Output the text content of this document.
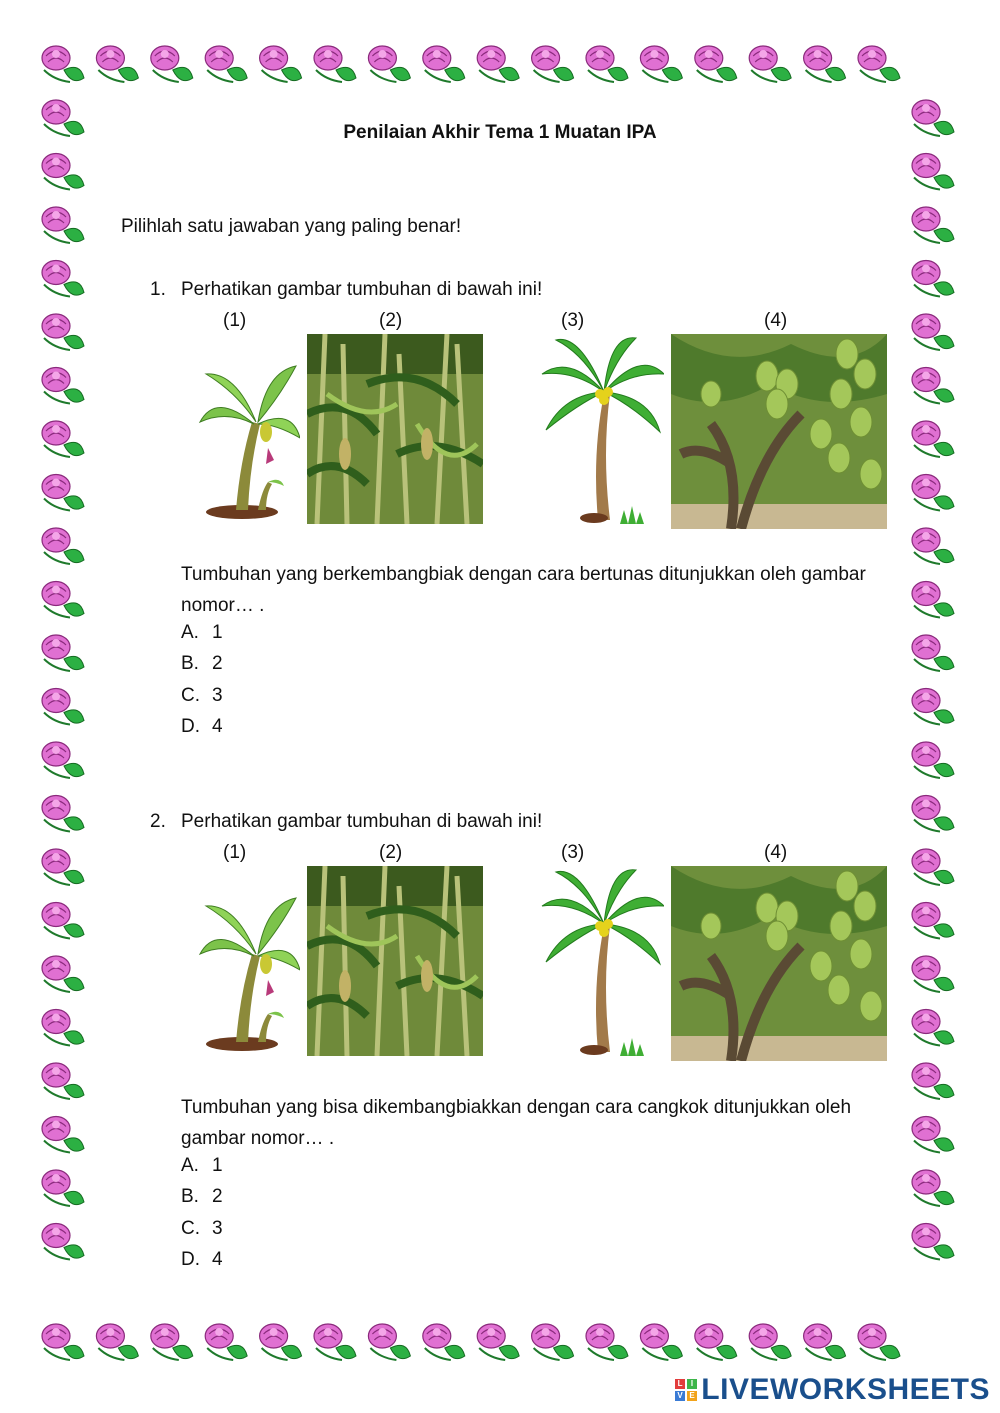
Penilaian Akhir Tema 1 Muatan IPA
Pilihlah satu jawaban yang paling benar!
1. Perhatikan gambar tumbuhan di bawah ini!
(1)	(2)	(3)	(4)
Tumbuhan yang berkembangbiak dengan cara bertunas ditunjukkan oleh gambar nomor… .
A. 1
B. 2
C. 3
D. 4
2. Perhatikan gambar tumbuhan di bawah ini!
(1)	(2)	(3)	(4)
Tumbuhan yang bisa dikembangbiakkan dengan cara cangkok ditunjukkan oleh gambar nomor… .
A. 1
B. 2
C. 3
D. 4
L I
V E LIVEWORKSHEETS
